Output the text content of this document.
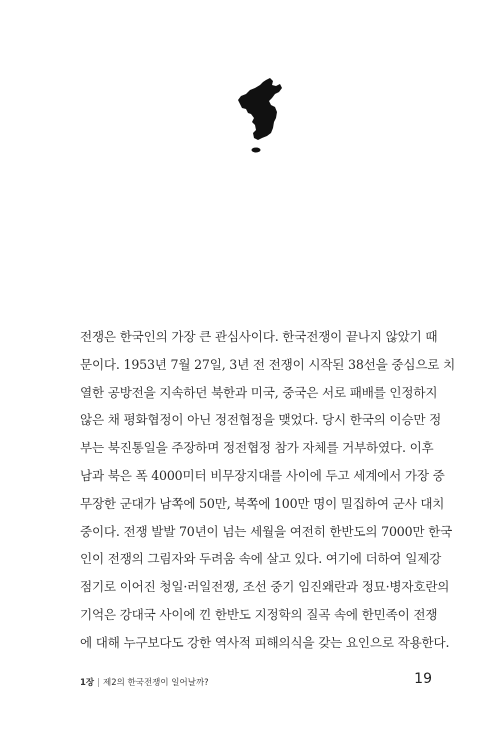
전쟁은 한국인의 가장 큰 관심사이다. 한국전쟁이 끝나지 않았기 때
문이다. 1953년 7월 27일, 3년 전 전쟁이 시작된 38선을 중심으로 치
열한 공방전을 지속하던 북한과 미국, 중국은 서로 패배를 인정하지
않은 채 평화협정이 아닌 정전협정을 맺었다. 당시 한국의 이승만 정
부는 북진통일을 주장하며 정전협정 참가 자체를 거부하였다. 이후
남과 북은 폭 4000미터 비무장지대를 사이에 두고 세계에서 가장 중
무장한 군대가 남쪽에 50만, 북쪽에 100만 명이 밀집하여 군사 대치
중이다. 전쟁 발발 70년이 넘는 세월을 여전히 한반도의 7000만 한국
인이 전쟁의 그림자와 두려움 속에 살고 있다. 여기에 더하여 일제강
점기로 이어진 청일·러일전쟁, 조선 중기 임진왜란과 정묘·병자호란의
기억은 강대국 사이에 낀 한반도 지정학의 질곡 속에 한민족이 전쟁
에 대해 누구보다도 강한 역사적 피해의식을 갖는 요인으로 작용한다.
1장 | 제2의 한국전쟁이 일어날까?	19
